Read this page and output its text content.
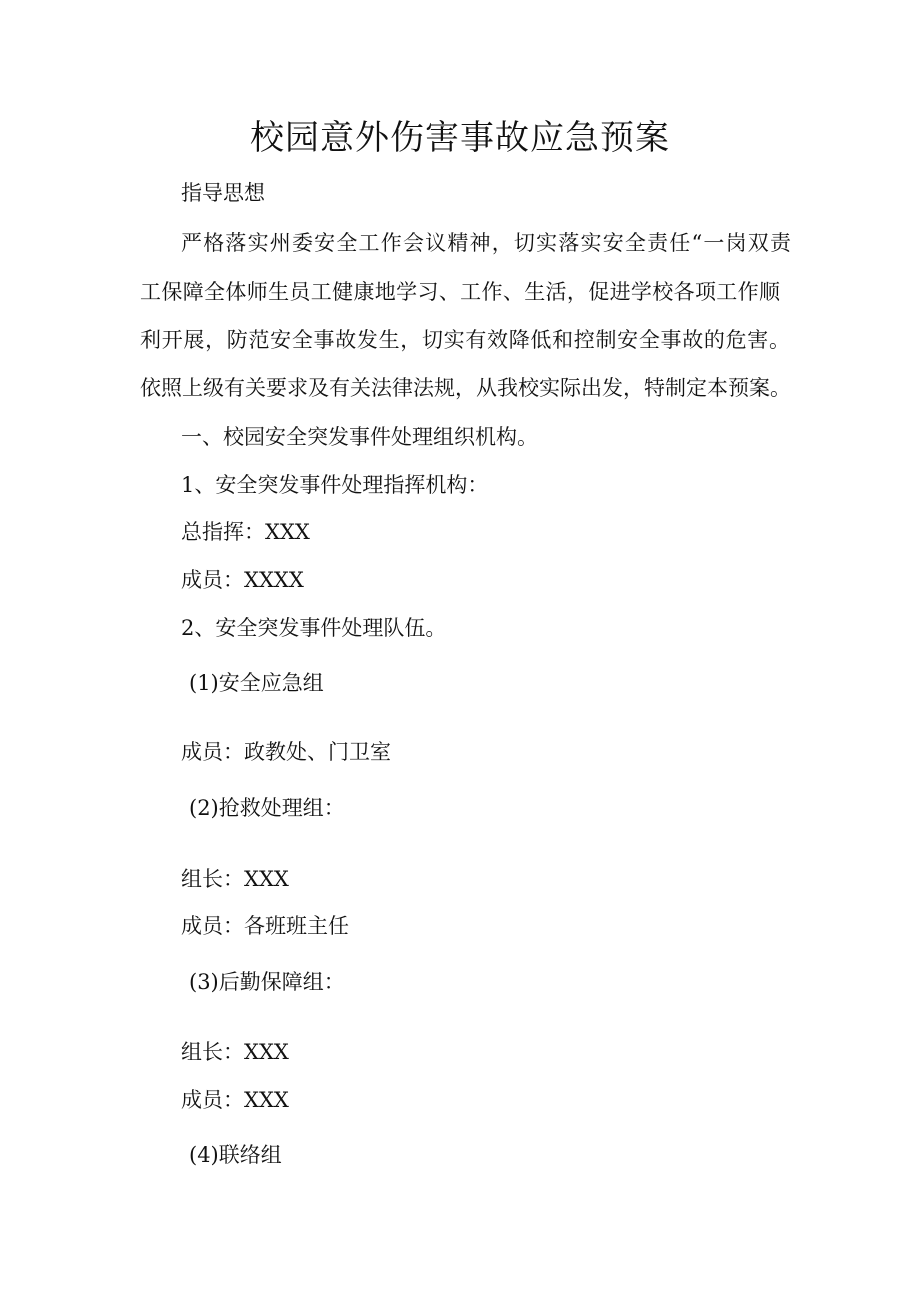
校园意外伤害事故应急预案
指导思想
严格落实州委安全工作会议精神，切实落实安全责任“一岗双责
工保障全体师生员工健康地学习、工作、生活，促进学校各项工作顺
利开展，防范安全事故发生，切实有效降低和控制安全事故的危害。
依照上级有关要求及有关法律法规，从我校实际出发，特制定本预案。
一、校园安全突发事件处理组织机构。
1、安全突发事件处理指挥机构：
总指挥：XXX
成员：XXXX
2、安全突发事件处理队伍。
(1)安全应急组
成员：政教处、门卫室
(2)抢救处理组：
组长：XXX
成员：各班班主任
(3)后勤保障组：
组长：XXX
成员：XXX
(4)联络组
